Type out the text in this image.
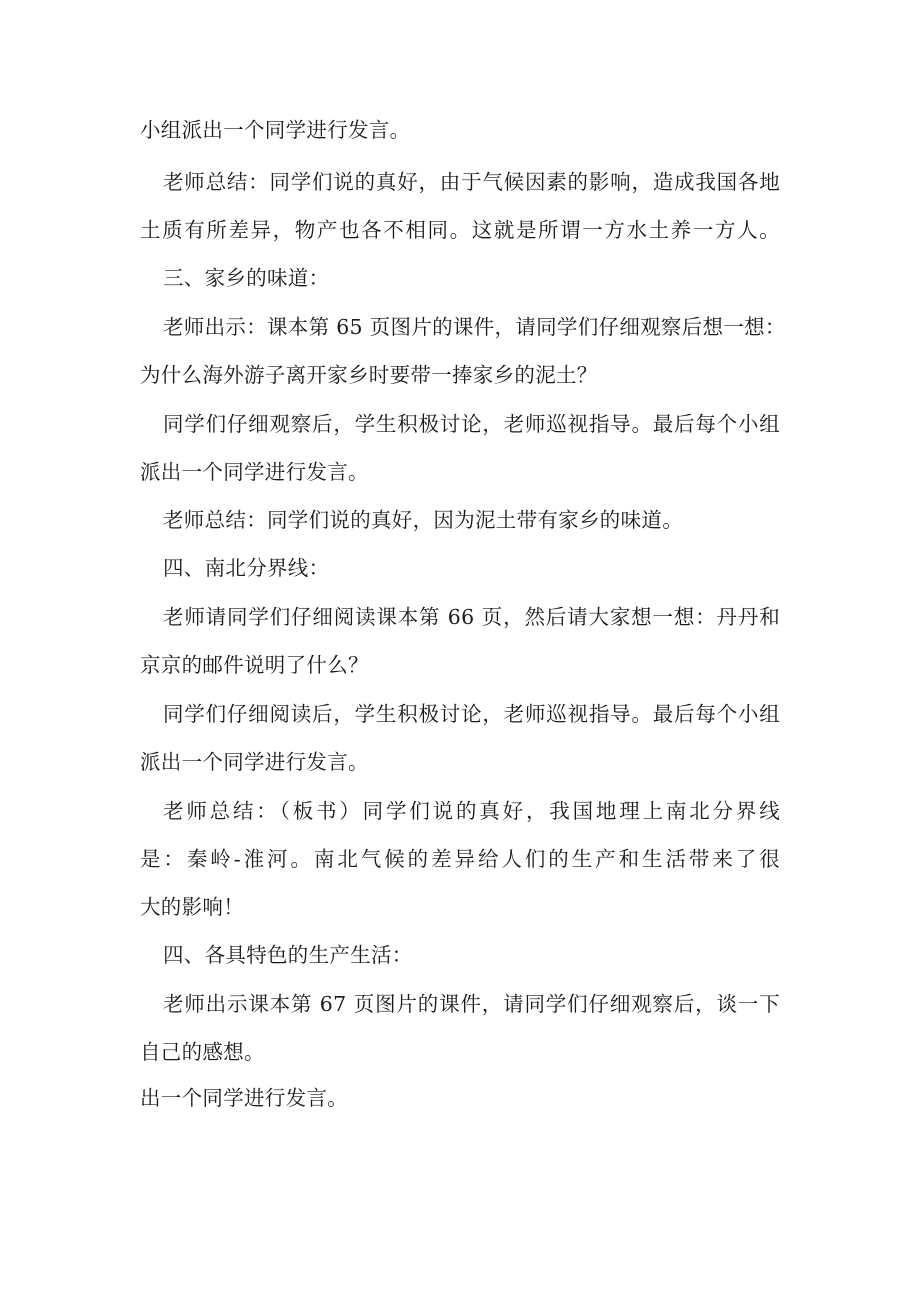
小组派出一个同学进行发言。

老师总结：同学们说的真好，由于气候因素的影响，造成我国各地

土质有所差异，物产也各不相同。这就是所谓一方水土养一方人。

三、家乡的味道：

老师出示：课本第 65 页图片的课件，请同学们仔细观察后想一想：

为什么海外游子离开家乡时要带一捧家乡的泥土？

同学们仔细观察后，学生积极讨论，老师巡视指导。最后每个小组

派出一个同学进行发言。

老师总结：同学们说的真好，因为泥土带有家乡的味道。

四、南北分界线：

老师请同学们仔细阅读课本第 66 页，然后请大家想一想：丹丹和

京京的邮件说明了什么？

同学们仔细阅读后，学生积极讨论，老师巡视指导。最后每个小组

派出一个同学进行发言。

老师总结：（板书）同学们说的真好，我国地理上南北分界线

是：秦岭-淮河。南北气候的差异给人们的生产和生活带来了很

大的影响！

四、各具特色的生产生活：

老师出示课本第 67 页图片的课件，请同学们仔细观察后，谈一下

自己的感想。

出一个同学进行发言。
